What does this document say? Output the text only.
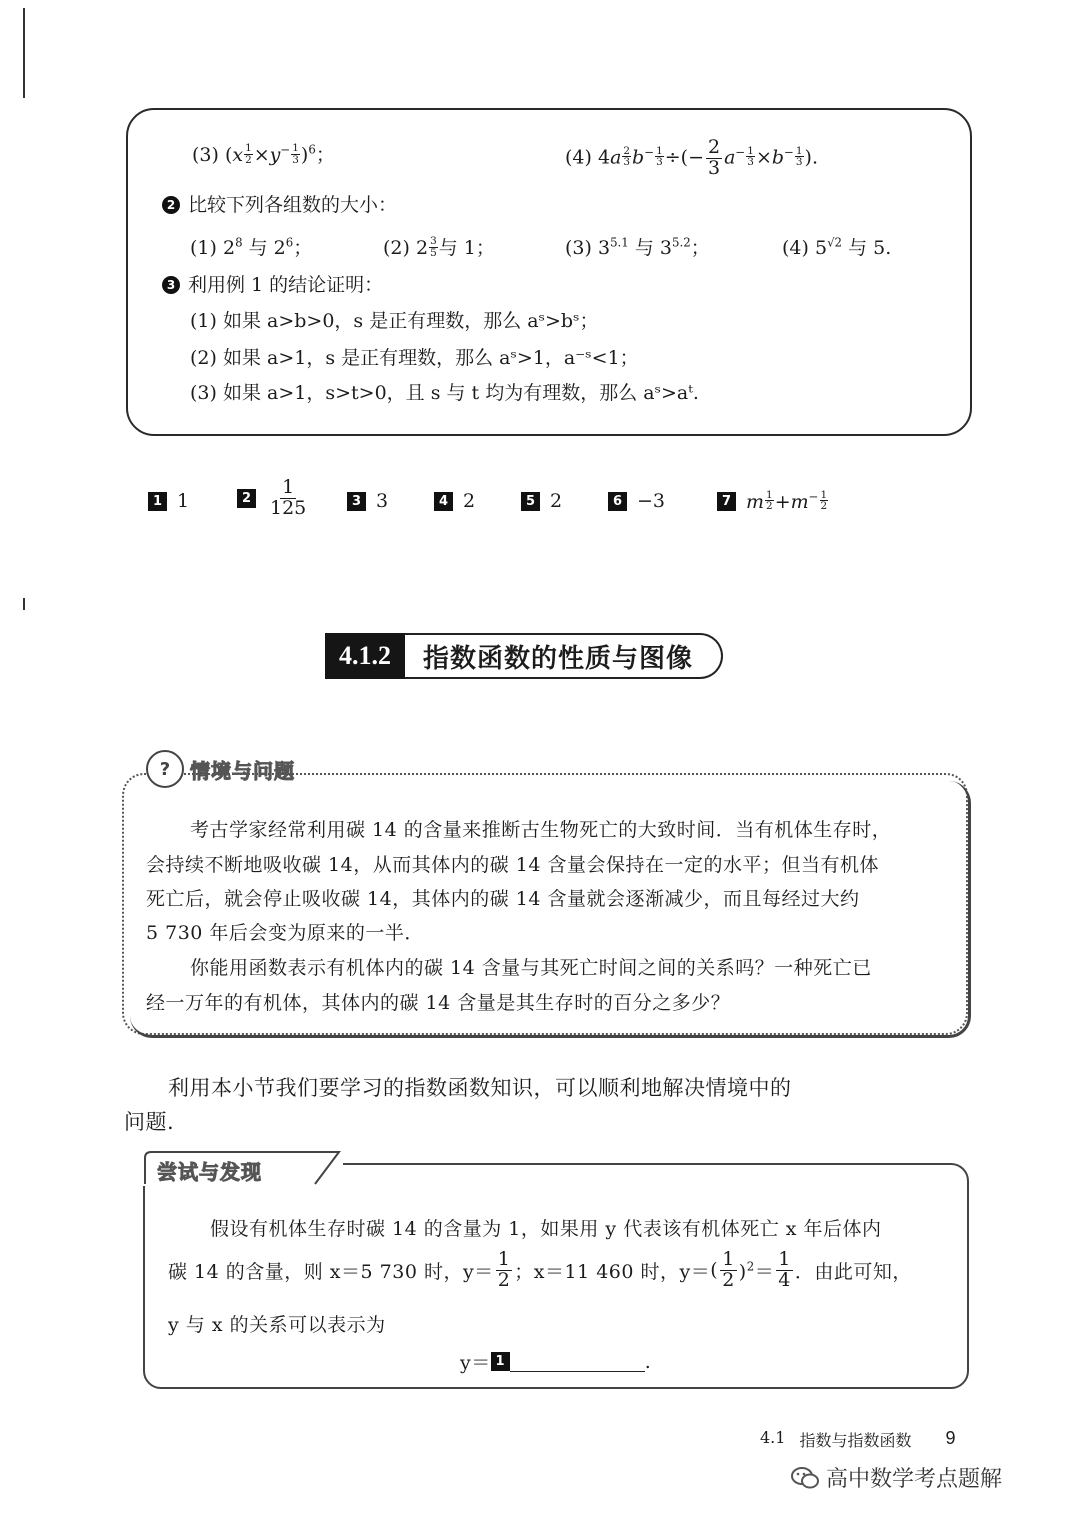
(3) $(x \frac{1}{2} \times y^- \frac{1}{3} )^6$；	(4) $4a \frac{2}{3} b^- \frac{1}{3}$ ÷(− $\frac{2}{3} a^- \frac{1}{3} \times b^- \frac{1}{3}$ ).
2 比较下列各组数的大小：
(1) $2^8$ 与 $2^6$；	(2) $2 \frac{3}{5}$ 与 1；	(3) $3^{5.1}$ 与 $3^{5.2}$；	(4) $5^{√2}$ 与 5.
3 利用例 1 的结论证明：
(1) 如果 a>b>0，s 是正有理数，那么 aˢ>bˢ；
(2) 如果 a>1，s 是正有理数，那么 aˢ>1，a⁻ˢ<1；
(3) 如果 a>1，s>t>0，且 s 与 t 均为有理数，那么 aˢ>aᵗ.
1 1	$2 \frac{1}{125}$	3 3	4 2	5 2	6 −3	7 m $\frac{1}{2} +m^- \frac{1}{2}$
4.1.2	指数函数的性质与图像
? 情境与问题
考古学家经常利用碳 14 的含量来推断古生物死亡的大致时间．当有机体生存时，
会持续不断地吸收碳 14，从而其体内的碳 14 含量会保持在一定的水平；但当有机体
死亡后，就会停止吸收碳 14，其体内的碳 14 含量就会逐渐减少，而且每经过大约
5 730 年后会变为原来的一半．
你能用函数表示有机体内的碳 14 含量与其死亡时间之间的关系吗？一种死亡已
经一万年的有机体，其体内的碳 14 含量是其生存时的百分之多少？
利用本小节我们要学习的指数函数知识，可以顺利地解决情境中的
问题.
尝试与发现
假设有机体生存时碳 14 的含量为 1，如果用 y 代表该有机体死亡 x 年后体内
碳 14 的含量，则 x＝5 730 时，$y= \frac{1}{2}$ ；x＝11 460 时，y＝ ( $\frac{1}{2} )^2= \frac{1}{4}$ ．由此可知，
y 与 x 的关系可以表示为
y＝ 1	.
4.1 指数与指数函数 9
高中数学考点题解
